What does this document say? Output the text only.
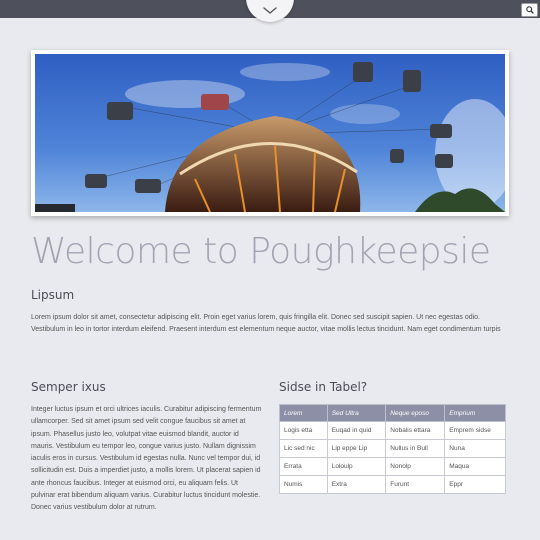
Welcome to Poughkeepsie
Lipsum

Lorem ipsum dolor sit amet, consectetur adipiscing elit. Proin eget varius lorem, quis fringilla elit. Donec sed suscipit sapien. Ut nec egestas odio. Vestibulum in leo in tortor interdum eleifend. Praesent interdum est elementum neque auctor, vitae mollis lectus tincidunt. Nam eget condimentum turpis

Semper ixus

Integer luctus ipsum et orci ultrices iaculis. Curabitur adipiscing fermentum ullamcorper. Sed sit amet ipsum sed velit congue faucibus sit amet at ipsum. Phasellus justo leo, volutpat vitae euismod blandit, auctor id mauris. Vestibulum eu tempor leo, congue varius justo. Nullam dignissim iaculis eros in cursus. Vestibulum id egestas nulla. Nunc vel tempor dui, id sollicitudin est. Duis a imperdiet justo, a mollis lorem. Ut placerat sapien id ante rhoncus faucibus. Integer at euismod orci, eu aliquam felis. Ut pulvinar erat bibendum aliquam varius. Curabitur luctus tincidunt molestie. Donec varius vestibulum dolor at rutrum.

Sidse in Tabel?
Lorem	Sed Ultra	Neque eposo	Emprium
Logis etta	Euqad in quid	Nobalis ettara	Emprem sidse
Lic sed nic	Lip eppe Lip	Nullus in Bull	Nuna
Errata	Loloulp	Nonolp	Maqua
Numis	Extra	Furunt	Eppr
